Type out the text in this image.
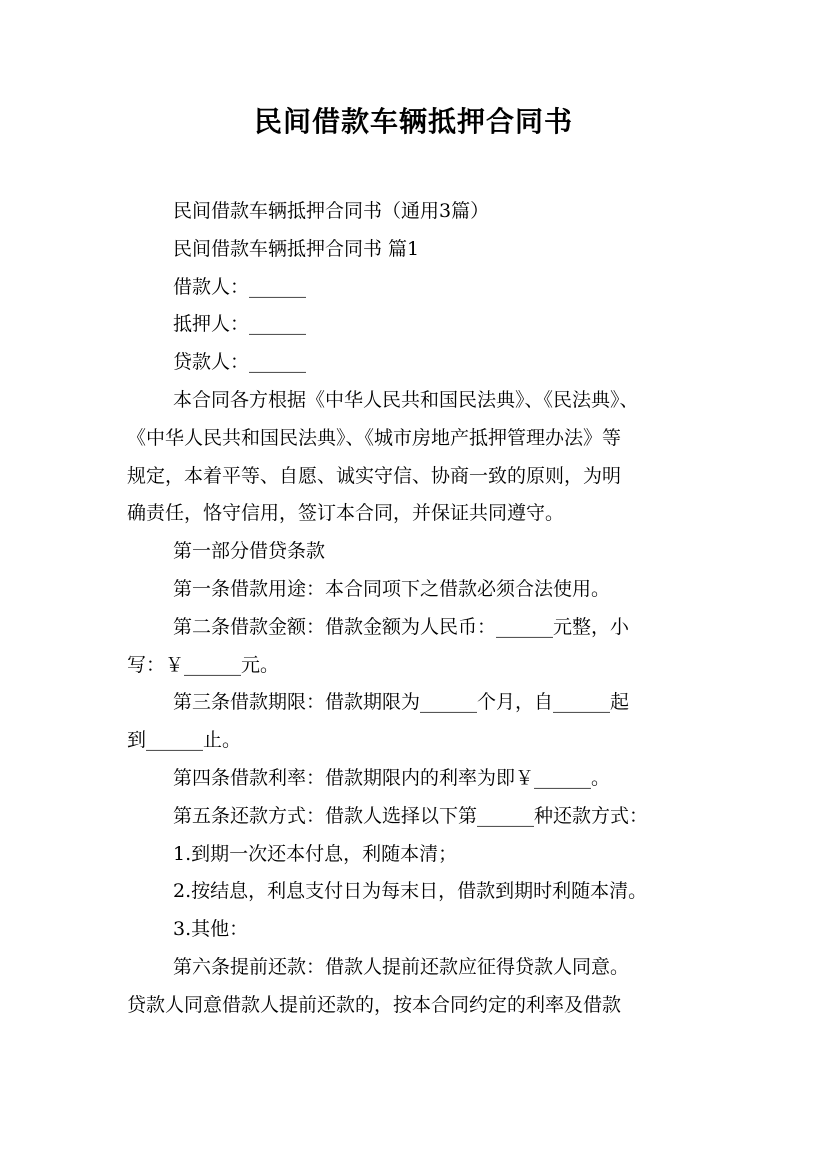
民间借款车辆抵押合同书

民间借款车辆抵押合同书（通用3篇）

民间借款车辆抵押合同书 篇1

借款人：______

抵押人：______

贷款人：______

本合同各方根据《中华人民共和国民法典》、《民法典》、

《中华人民共和国民法典》、《城市房地产抵押管理办法》等

规定，本着平等、自愿、诚实守信、协商一致的原则，为明

确责任，恪守信用，签订本合同，并保证共同遵守。

第一部分借贷条款

第一条借款用途：本合同项下之借款必须合法使用。

第二条借款金额：借款金额为人民币：______元整，小

写：￥______元。

第三条借款期限：借款期限为______个月，自______起

到______止。

第四条借款利率：借款期限内的利率为即￥______。

第五条还款方式：借款人选择以下第______种还款方式：

1.到期一次还本付息，利随本清；

2.按结息，利息支付日为每末日，借款到期时利随本清。

3.其他：

第六条提前还款：借款人提前还款应征得贷款人同意。

贷款人同意借款人提前还款的，按本合同约定的利率及借款
